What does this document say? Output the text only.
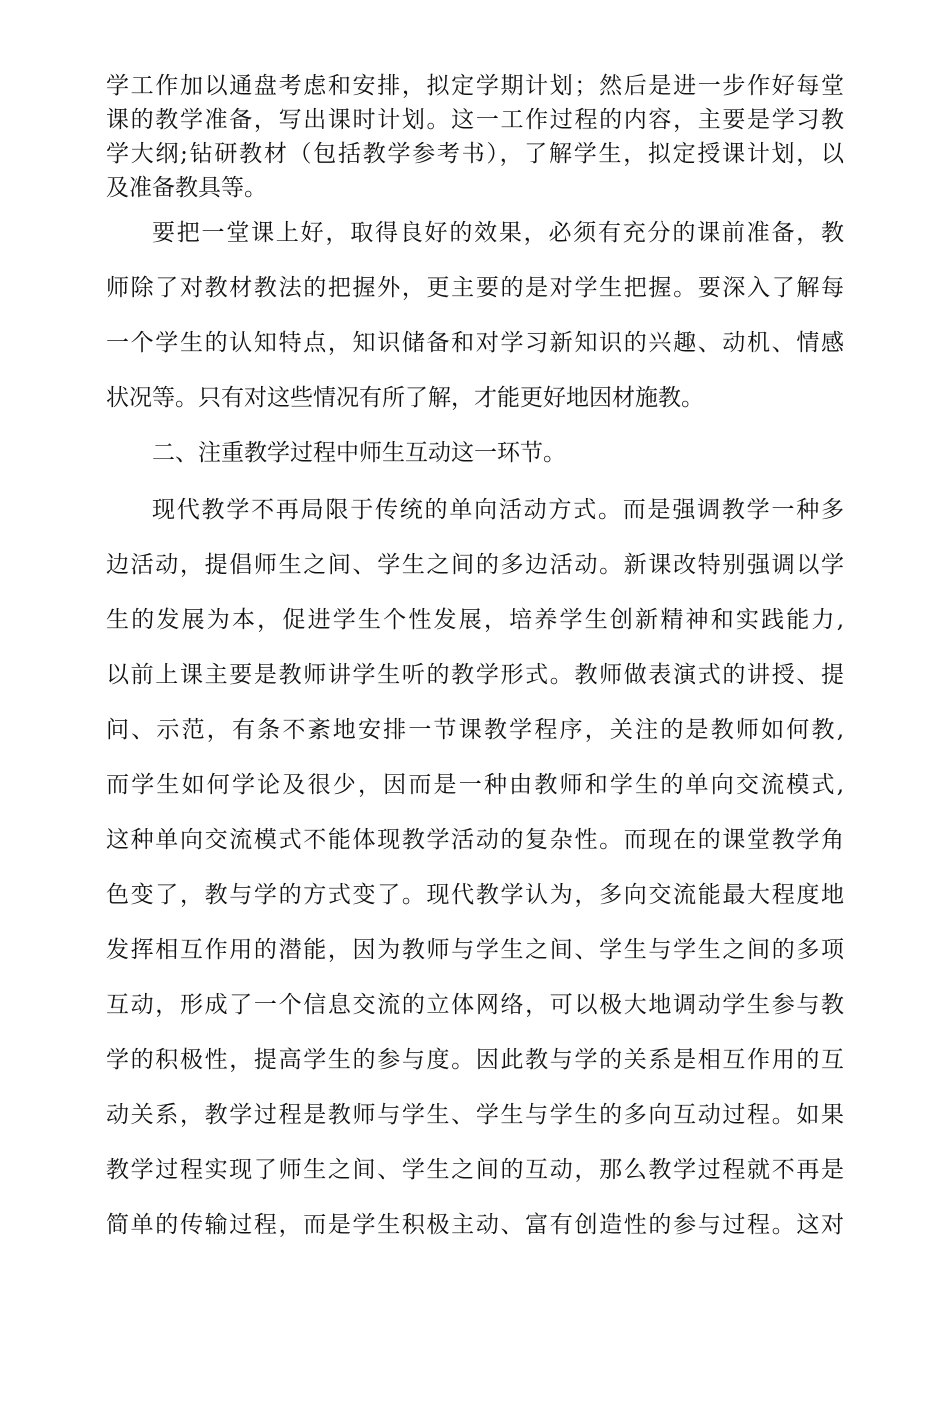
学工作加以通盘考虑和安排，拟定学期计划；然后是进一步作好每堂
课的教学准备，写出课时计划。这一工作过程的内容，主要是学习教
学大纲;钻研教材（包括教学参考书），了解学生，拟定授课计划，以
及准备教具等。
要把一堂课上好，取得良好的效果，必须有充分的课前准备，教
师除了对教材教法的把握外，更主要的是对学生把握。要深入了解每
一个学生的认知特点，知识储备和对学习新知识的兴趣、动机、情感
状况等。只有对这些情况有所了解，才能更好地因材施教。
二、注重教学过程中师生互动这一环节。
现代教学不再局限于传统的单向活动方式。而是强调教学一种多
边活动，提倡师生之间、学生之间的多边活动。新课改特别强调以学
生的发展为本，促进学生个性发展，培养学生创新精神和实践能力,
以前上课主要是教师讲学生听的教学形式。教师做表演式的讲授、提
问、示范，有条不紊地安排一节课教学程序，关注的是教师如何教,
而学生如何学论及很少，因而是一种由教师和学生的单向交流模式,
这种单向交流模式不能体现教学活动的复杂性。而现在的课堂教学角
色变了，教与学的方式变了。现代教学认为，多向交流能最大程度地
发挥相互作用的潜能，因为教师与学生之间、学生与学生之间的多项
互动，形成了一个信息交流的立体网络，可以极大地调动学生参与教
学的积极性，提高学生的参与度。因此教与学的关系是相互作用的互
动关系，教学过程是教师与学生、学生与学生的多向互动过程。如果
教学过程实现了师生之间、学生之间的互动，那么教学过程就不再是
简单的传输过程，而是学生积极主动、富有创造性的参与过程。这对
